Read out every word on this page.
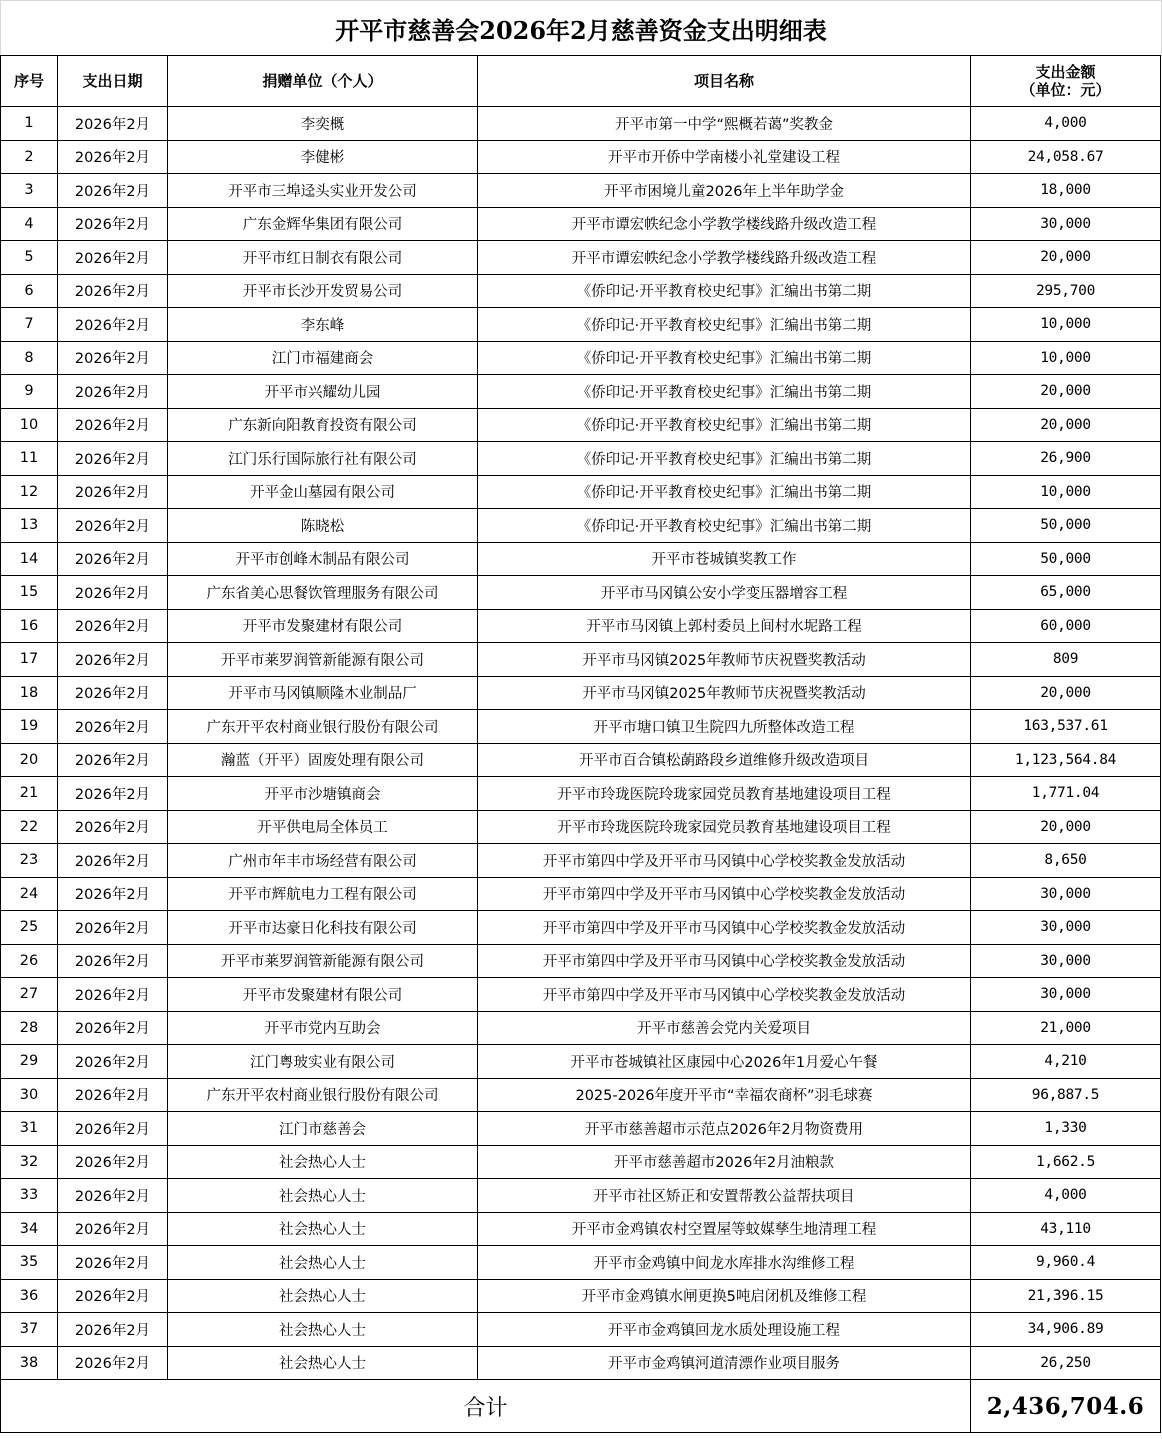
开平市慈善会2026年2月慈善资金支出明细表
序号	支出日期	捐赠单位（个人）	项目名称	支出金额
（单位：元）

1	2026年2月	李奕概	开平市第一中学“熙概若蔼”奖教金	4,000
2	2026年2月	李健彬	开平市开侨中学南楼小礼堂建设工程	24,058.67
3	2026年2月	开平市三埠迳头实业开发公司	开平市困境儿童2026年上半年助学金	18,000
4	2026年2月	广东金辉华集团有限公司	开平市谭宏帙纪念小学教学楼线路升级改造工程	30,000
5	2026年2月	开平市红日制衣有限公司	开平市谭宏帙纪念小学教学楼线路升级改造工程	20,000
6	2026年2月	开平市长沙开发贸易公司	《侨印记·开平教育校史纪事》汇编出书第二期	295,700
7	2026年2月	李东峰	《侨印记·开平教育校史纪事》汇编出书第二期	10,000
8	2026年2月	江门市福建商会	《侨印记·开平教育校史纪事》汇编出书第二期	10,000
9	2026年2月	开平市兴耀幼儿园	《侨印记·开平教育校史纪事》汇编出书第二期	20,000
10	2026年2月	广东新向阳教育投资有限公司	《侨印记·开平教育校史纪事》汇编出书第二期	20,000
11	2026年2月	江门乐行国际旅行社有限公司	《侨印记·开平教育校史纪事》汇编出书第二期	26,900
12	2026年2月	开平金山墓园有限公司	《侨印记·开平教育校史纪事》汇编出书第二期	10,000
13	2026年2月	陈晓松	《侨印记·开平教育校史纪事》汇编出书第二期	50,000
14	2026年2月	开平市创峰木制品有限公司	开平市苍城镇奖教工作	50,000
15	2026年2月	广东省美心思餐饮管理服务有限公司	开平市马冈镇公安小学变压器增容工程	65,000
16	2026年2月	开平市发聚建材有限公司	开平市马冈镇上郭村委员上间村水坭路工程	60,000
17	2026年2月	开平市莱罗润管新能源有限公司	开平市马冈镇2025年教师节庆祝暨奖教活动	809
18	2026年2月	开平市马冈镇顺隆木业制品厂	开平市马冈镇2025年教师节庆祝暨奖教活动	20,000
19	2026年2月	广东开平农村商业银行股份有限公司	开平市塘口镇卫生院四九所整体改造工程	163,537.61
20	2026年2月	瀚蓝（开平）固废处理有限公司	开平市百合镇松蓢路段乡道维修升级改造项目	1,123,564.84
21	2026年2月	开平市沙塘镇商会	开平市玲珑医院玲珑家园党员教育基地建设项目工程	1,771.04
22	2026年2月	开平供电局全体员工	开平市玲珑医院玲珑家园党员教育基地建设项目工程	20,000
23	2026年2月	广州市年丰市场经营有限公司	开平市第四中学及开平市马冈镇中心学校奖教金发放活动	8,650
24	2026年2月	开平市辉航电力工程有限公司	开平市第四中学及开平市马冈镇中心学校奖教金发放活动	30,000
25	2026年2月	开平市达豪日化科技有限公司	开平市第四中学及开平市马冈镇中心学校奖教金发放活动	30,000
26	2026年2月	开平市莱罗润管新能源有限公司	开平市第四中学及开平市马冈镇中心学校奖教金发放活动	30,000
27	2026年2月	开平市发聚建材有限公司	开平市第四中学及开平市马冈镇中心学校奖教金发放活动	30,000
28	2026年2月	开平市党内互助会	开平市慈善会党内关爱项目	21,000
29	2026年2月	江门粤玻实业有限公司	开平市苍城镇社区康园中心2026年1月爱心午餐	4,210
30	2026年2月	广东开平农村商业银行股份有限公司	2025-2026年度开平市“幸福农商杯”羽毛球赛	96,887.5
31	2026年2月	江门市慈善会	开平市慈善超市示范点2026年2月物资费用	1,330
32	2026年2月	社会热心人士	开平市慈善超市2026年2月油粮款	1,662.5
33	2026年2月	社会热心人士	开平市社区矫正和安置帮教公益帮扶项目	4,000
34	2026年2月	社会热心人士	开平市金鸡镇农村空置屋等蚊媒孳生地清理工程	43,110
35	2026年2月	社会热心人士	开平市金鸡镇中间龙水库排水沟维修工程	9,960.4
36	2026年2月	社会热心人士	开平市金鸡镇水闸更换5吨启闭机及维修工程	21,396.15
37	2026年2月	社会热心人士	开平市金鸡镇回龙水质处理设施工程	34,906.89
38	2026年2月	社会热心人士	开平市金鸡镇河道清漂作业项目服务	26,250
合计				2,436,704.6
